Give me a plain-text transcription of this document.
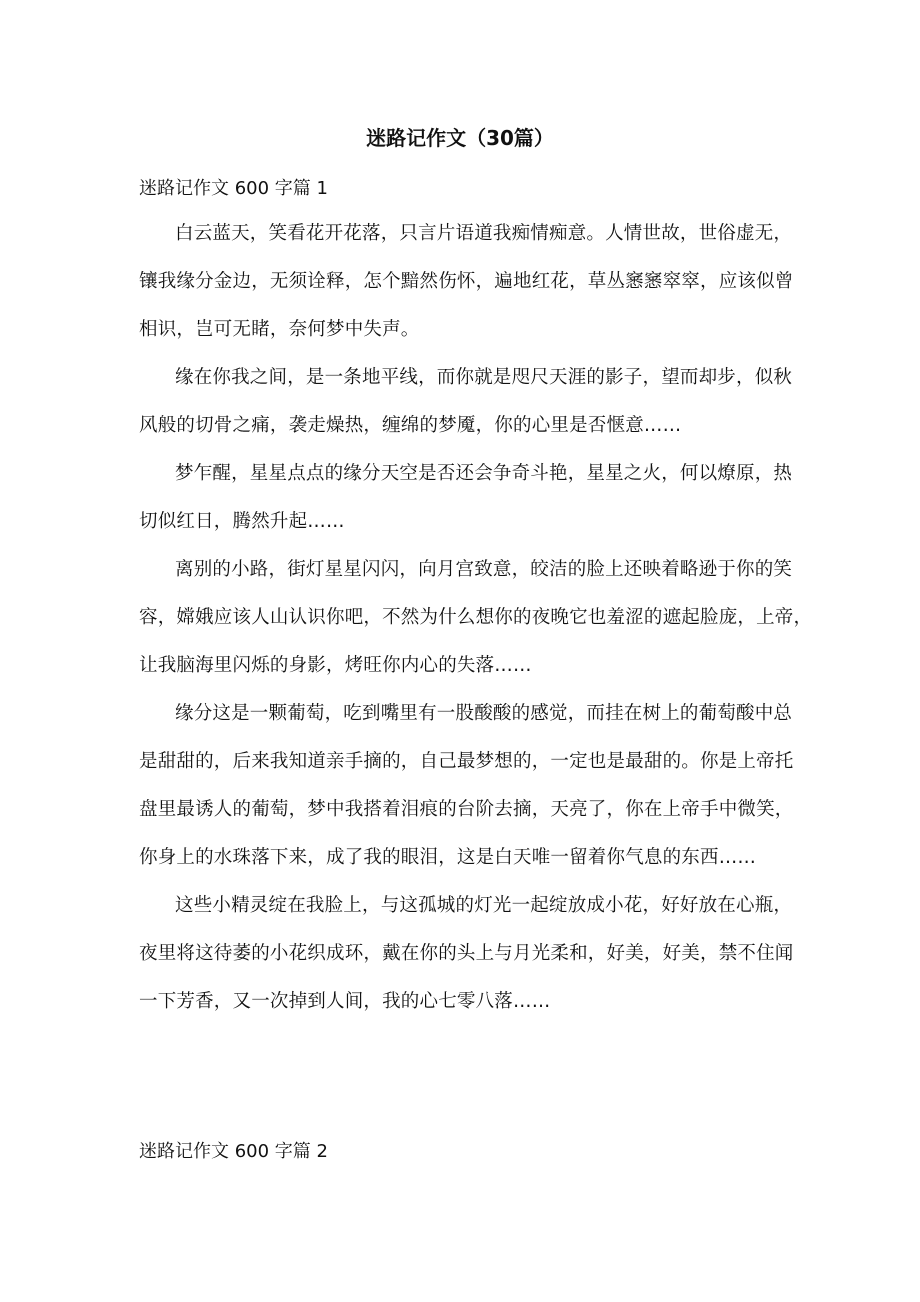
迷路记作文（30篇）
迷路记作文 600 字篇 1
白云蓝天，笑看花开花落，只言片语道我痴情痴意。人情世故，世俗虚无，
镶我缘分金边，无须诠释，怎个黯然伤怀，遍地红花，草丛窸窸窣窣，应该似曾
相识，岂可无睹，奈何梦中失声。
缘在你我之间，是一条地平线，而你就是咫尺天涯的影子，望而却步，似秋
风般的切骨之痛，袭走燥热，缠绵的梦魇，你的心里是否惬意……
梦乍醒，星星点点的缘分天空是否还会争奇斗艳，星星之火，何以燎原，热
切似红日，腾然升起……
离别的小路，街灯星星闪闪，向月宫致意，皎洁的脸上还映着略逊于你的笑
容，嫦娥应该人山认识你吧，不然为什么想你的夜晚它也羞涩的遮起脸庞，上帝，
让我脑海里闪烁的身影，烤旺你内心的失落……
缘分这是一颗葡萄，吃到嘴里有一股酸酸的感觉，而挂在树上的葡萄酸中总
是甜甜的，后来我知道亲手摘的，自己最梦想的，一定也是最甜的。你是上帝托
盘里最诱人的葡萄，梦中我搭着泪痕的台阶去摘，天亮了，你在上帝手中微笑，
你身上的水珠落下来，成了我的眼泪，这是白天唯一留着你气息的东西……
这些小精灵绽在我脸上，与这孤城的灯光一起绽放成小花，好好放在心瓶，
夜里将这待萎的小花织成环，戴在你的头上与月光柔和，好美，好美，禁不住闻
一下芳香，又一次掉到人间，我的心七零八落……
迷路记作文 600 字篇 2
